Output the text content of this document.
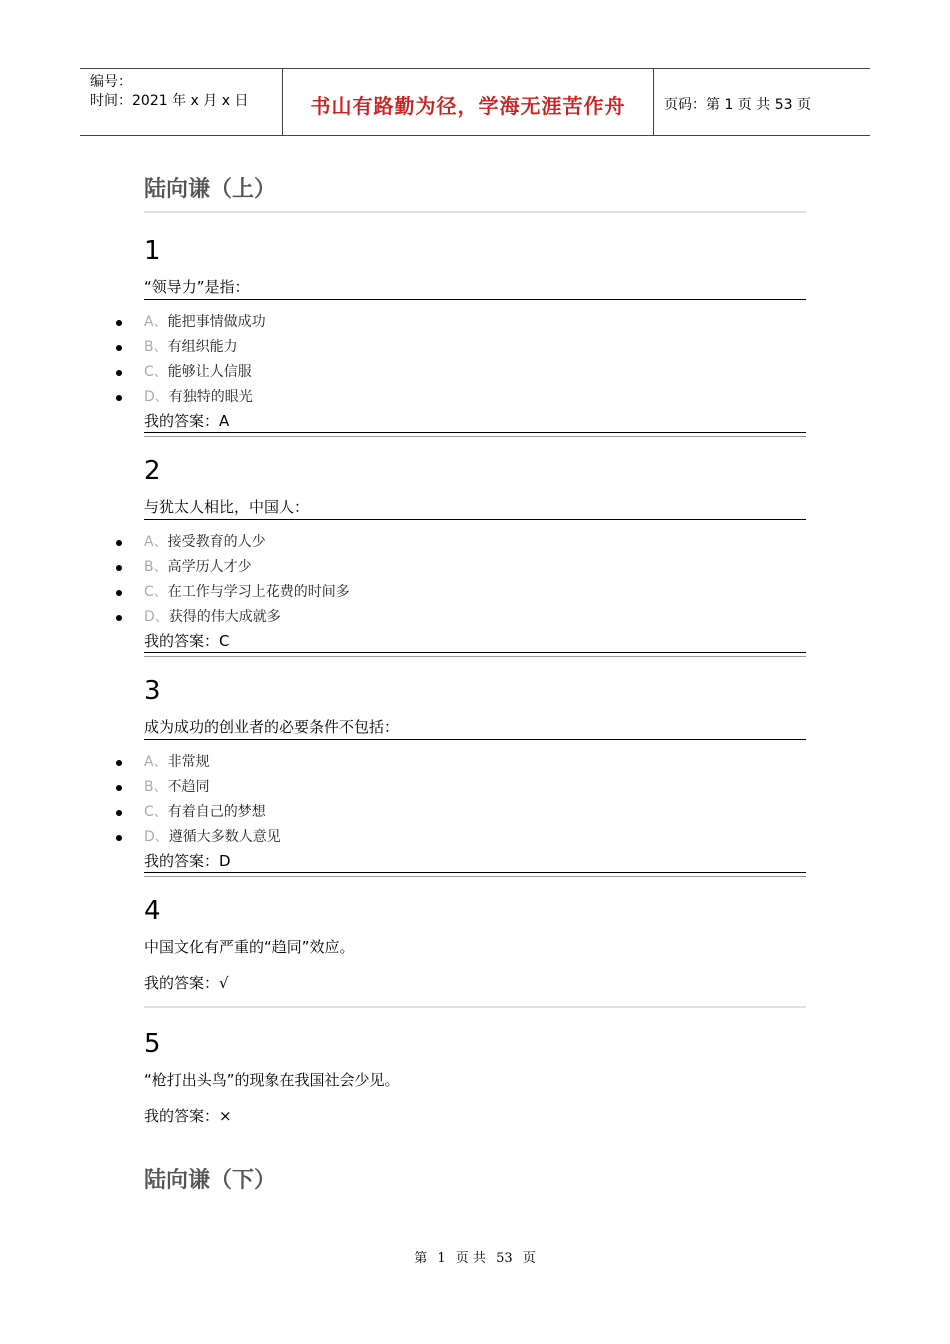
编号：
时间：2021 年 x 月 x 日	书山有路勤为径，学海无涯苦作舟	页码：第 1 页 共 53 页
陆向谦（上）
1
“领导力”是指：
A、能把事情做成功
B、有组织能力
C、能够让人信服
D、有独特的眼光
我的答案：A
2
与犹太人相比，中国人：
A、接受教育的人少
B、高学历人才少
C、在工作与学习上花费的时间多
D、获得的伟大成就多
我的答案：C
3
成为成功的创业者的必要条件不包括：
A、非常规
B、不趋同
C、有着自己的梦想
D、遵循大多数人意见
我的答案：D
4
中国文化有严重的“趋同”效应。
我的答案：√
5
“枪打出头鸟”的现象在我国社会少见。
我的答案：×
陆向谦（下）
第 1 页 共 53 页
